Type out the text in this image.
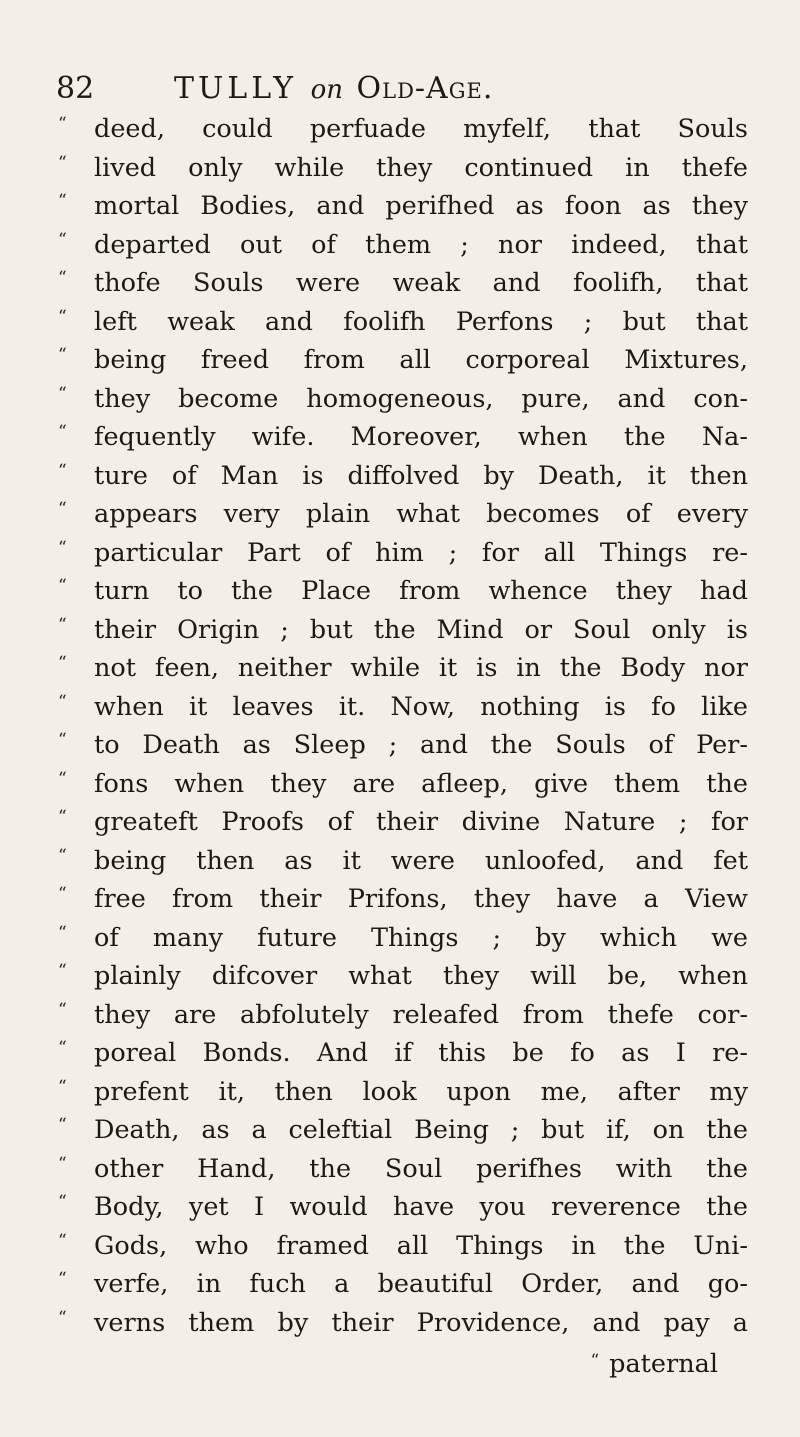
82	TULLY on Old-Age.
“	deed, could perfuade myfelf, that Souls
“	lived only while they continued in thefe
“	mortal Bodies, and perifhed as foon as they
“	departed out of them ; nor indeed, that
“	thofe Souls were weak and foolifh, that
“	left weak and foolifh Perfons ; but that
“	being freed from all corporeal Mixtures,
“	they become homogeneous, pure, and con-
“	fequently wife. Moreover, when the Na-
“	ture of Man is diffolved by Death, it then
“	appears very plain what becomes of every
“	particular Part of him ; for all Things re-
“	turn to the Place from whence they had
“	their Origin ; but the Mind or Soul only is
“	not feen, neither while it is in the Body nor
“	when it leaves it. Now, nothing is fo like
“	to Death as Sleep ; and the Souls of Per-
“	fons when they are afleep, give them the
“	greateft Proofs of their divine Nature ; for
“	being then as it were unloofed, and fet
“	free from their Prifons, they have a View
“	of many future Things ; by which we
“	plainly difcover what they will be, when
“	they are abfolutely releafed from thefe cor-
“	poreal Bonds. And if this be fo as I re-
“	prefent it, then look upon me, after my
“	Death, as a celeftial Being ; but if, on the
“	other Hand, the Soul perifhes with the
“	Body, yet I would have you reverence the
“	Gods, who framed all Things in the Uni-
“	verfe, in fuch a beautiful Order, and go-
“	verns them by their Providence, and pay a
“ paternal
